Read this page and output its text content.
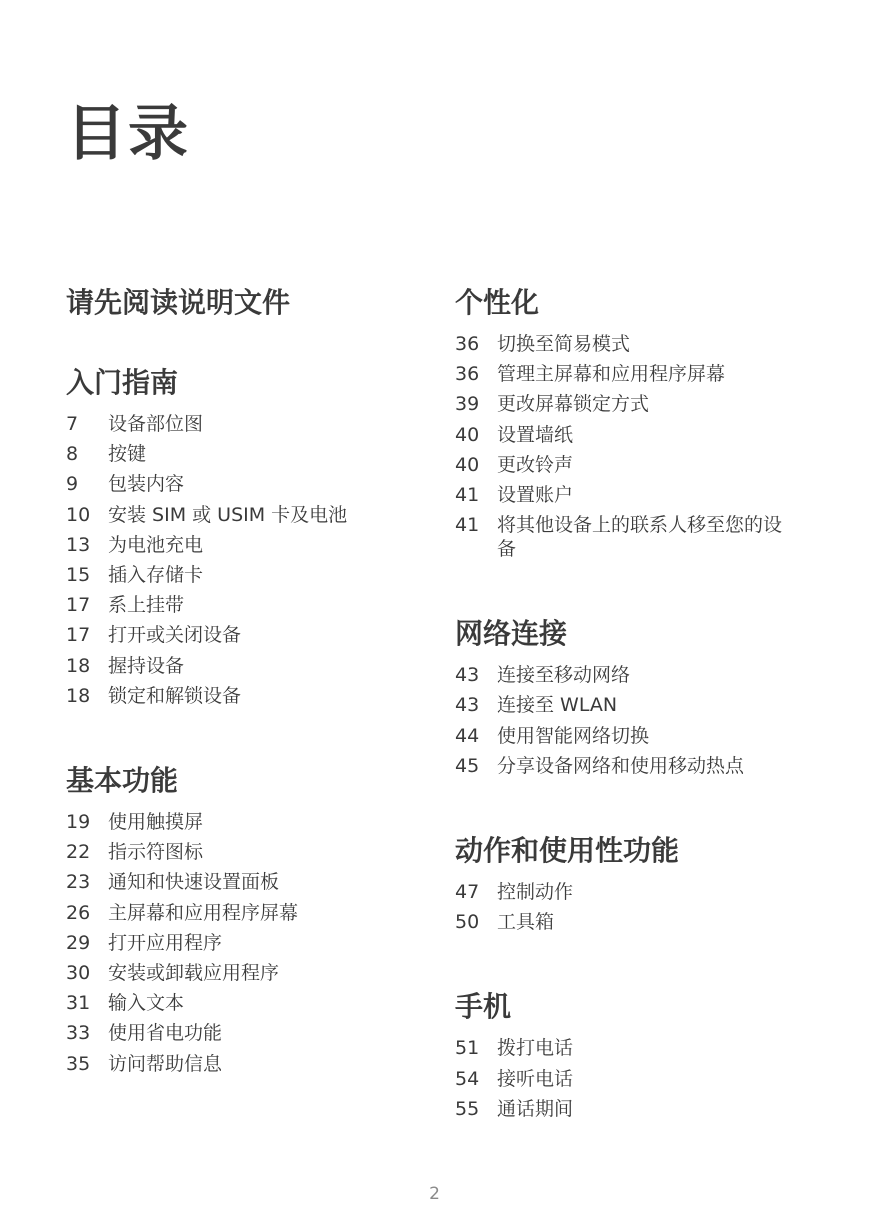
目录
请先阅读说明文件
入门指南
7	设备部位图
8	按键
9	包装内容
10 安装 SIM 或 USIM 卡及电池
13 为电池充电
15 插入存储卡
17 系上挂带
17 打开或关闭设备
18 握持设备
18 锁定和解锁设备
基本功能
19 使用触摸屏
22 指示符图标
23 通知和快速设置面板
26 主屏幕和应用程序屏幕
29 打开应用程序
30 安装或卸载应用程序
31 输入文本
33 使用省电功能
35 访问帮助信息
个性化
36 切换至简易模式
36 管理主屏幕和应用程序屏幕
39 更改屏幕锁定方式
40 设置墙纸
40 更改铃声
41 设置账户
41 将其他设备上的联系人移至您的设备
网络连接
43 连接至移动网络
43 连接至 WLAN
44 使用智能网络切换
45 分享设备网络和使用移动热点
动作和使用性功能
47 控制动作
50 工具箱
手机
51 拨打电话
54 接听电话
55 通话期间
2
